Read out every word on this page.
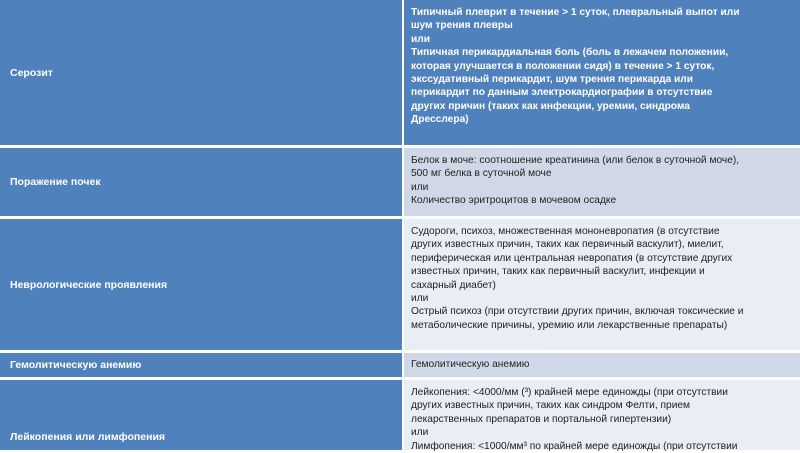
Серозит
Типичный плеврит в течение > 1 суток, плевральный выпот или
шум трения плевры
или
Типичная перикардиальная боль (боль в лежачем положении,
которая улучшается в положении сидя) в течение > 1 суток,
экссудативный перикардит, шум трения перикарда или
перикардит по данным электрокардиографии в отсутствие
других причин (таких как инфекции, уремии, синдрома
Дресслера)
Поражение почек
Белок в моче: соотношение креатинина (или белок в суточной моче),
500 мг белка в суточной моче
или
Количество эритроцитов в мочевом осадке
Неврологические проявления
Судороги, психоз, множественная мононевропатия (в отсутствие
других известных причин, таких как первичный васкулит), миелит,
периферическая или центральная невропатия (в отсутствие других
известных причин, таких как первичный васкулит, инфекции и
сахарный диабет)
или
Острый психоз (при отсутствии других причин, включая токсические и
метаболические причины, уремию или лекарственные препараты)
Гемолитическую анемию	Гемолитическую анемию
Лейкопения или лимфопения
Лейкопения: <4000/мм (³) крайней мере единожды (при отсутствии
других известных причин, таких как синдром Фелти, прием
лекарственных препаратов и портальной гипертензии)
или
Лимфопения: <1000/мм³ по крайней мере единожды (при отсутствии
